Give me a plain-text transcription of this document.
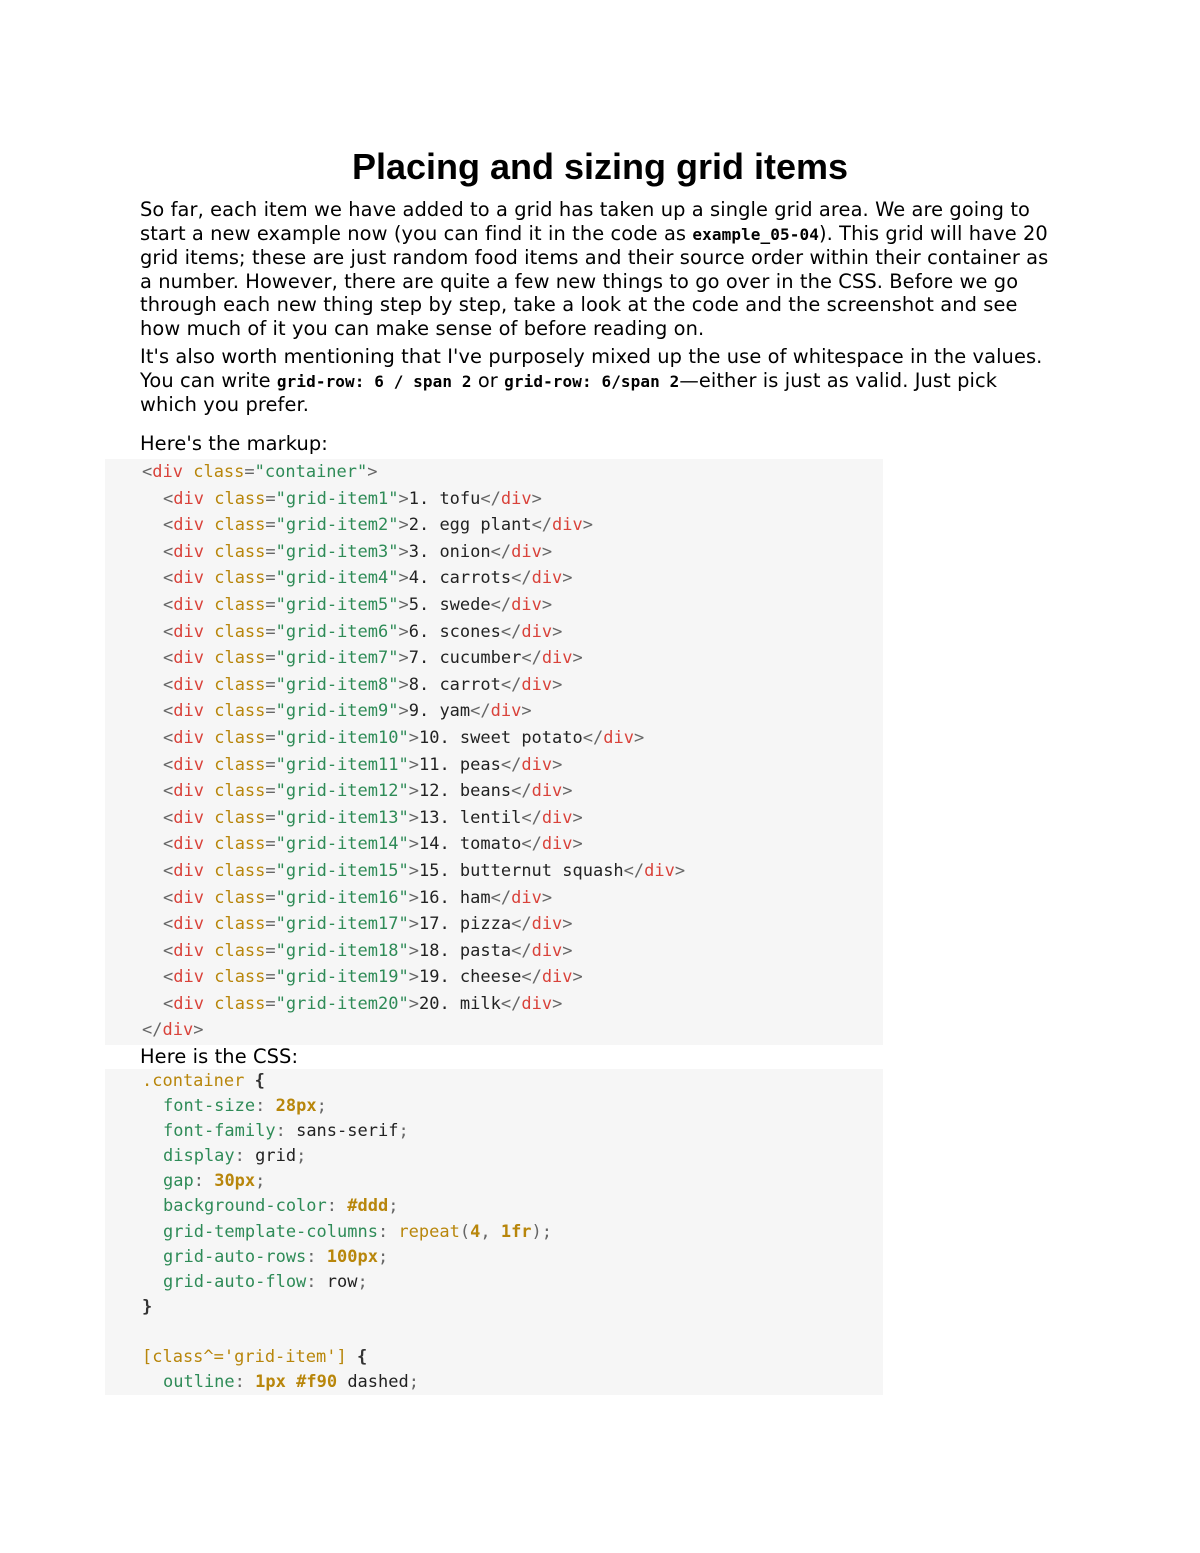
Placing and sizing grid items

So far, each item we have added to a grid has taken up a single grid area. We are going to start a new example now (you can find it in the code as example_05-04). This grid will have 20 grid items; these are just random food items and their source order within their container as a number. However, there are quite a few new things to go over in the CSS. Before we go through each new thing step by step, take a look at the code and the screenshot and see how much of it you can make sense of before reading on.

It's also worth mentioning that I've purposely mixed up the use of whitespace in the values. You can write grid-row: 6 / span 2 or grid-row: 6/span 2—either is just as valid. Just pick which you prefer.

Here's the markup:

<div class="container">
<div class="grid-item1">1. tofu</div>
<div class="grid-item2">2. egg plant</div>
<div class="grid-item3">3. onion</div>
<div class="grid-item4">4. carrots</div>
<div class="grid-item5">5. swede</div>
<div class="grid-item6">6. scones</div>
<div class="grid-item7">7. cucumber</div>
<div class="grid-item8">8. carrot</div>
<div class="grid-item9">9. yam</div>
<div class="grid-item10">10. sweet potato</div>
<div class="grid-item11">11. peas</div>
<div class="grid-item12">12. beans</div>
<div class="grid-item13">13. lentil</div>
<div class="grid-item14">14. tomato</div>
<div class="grid-item15">15. butternut squash</div>
<div class="grid-item16">16. ham</div>
<div class="grid-item17">17. pizza</div>
<div class="grid-item18">18. pasta</div>
<div class="grid-item19">19. cheese</div>
<div class="grid-item20">20. milk</div>
</div>

Here is the CSS:

.container {
font-size: 28px;
font-family: sans-serif;
display: grid;
gap: 30px;
background-color: #ddd;
grid-template-columns: repeat(4, 1fr);
grid-auto-rows: 100px;
grid-auto-flow: row;
}

[class^='grid-item'] {
outline: 1px #f90 dashed;
